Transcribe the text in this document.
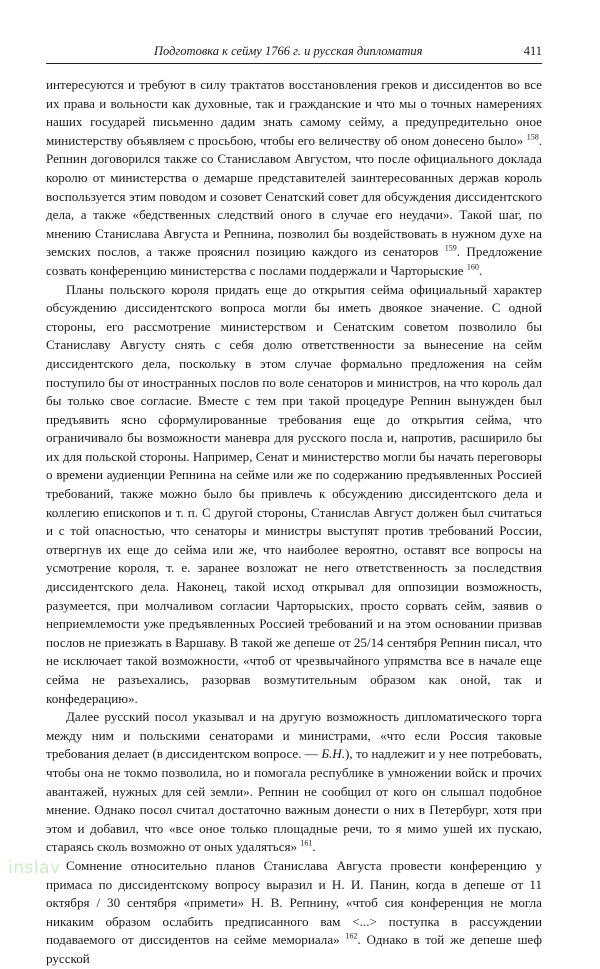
Подготовка к сейму 1766 г. и русская дипломатия	411

интересуются и требуют в силу трактатов восстановления греков и диссидентов во все их права и вольности как духовные, так и гражданские и что мы о точных намерениях наших государей письменно дадим знать самому сейму, а предупредительно оное министерству объявляем с просьбою, чтобы его величеству об оном донесено было» $^{158}$. Репнин договорился также со Станиславом Августом, что после официального доклада королю от министерства о демарше представителей заинтересованных держав король воспользуется этим поводом и созовет Сенатский совет для обсуждения диссидентского дела, а также «бедственных следствий оного в случае его неудачи». Такой шаг, по мнению Станислава Августа и Репнина, позволил бы воздействовать в нужном духе на земских послов, а также прояснил позицию каждого из сенаторов $^{159}$. Предложение созвать конференцию министерства с послами поддержали и Чарторыские $^{160}$.

Планы польского короля придать еще до открытия сейма официальный характер обсуждению диссидентского вопроса могли бы иметь двоякое значение. С одной стороны, его рассмотрение министерством и Сенатским советом позволило бы Станиславу Августу снять с себя долю ответственности за вынесение на сейм диссидентского дела, поскольку в этом случае формально предложения на сейм поступило бы от иностранных послов по воле сенаторов и министров, на что король дал бы только свое согласие. Вместе с тем при такой процедуре Репнин вынужден был предъявить ясно сформулированные требования еще до открытия сейма, что ограничивало бы возможности маневра для русского посла и, напротив, расширило бы их для польской стороны. Например, Сенат и министерство могли бы начать переговоры о времени аудиенции Репнина на сейме или же по содержанию предъявленных Россией требований, также можно было бы привлечь к обсуждению диссидентского дела и коллегию епископов и т. п. С другой стороны, Станислав Август должен был считаться и с той опасностью, что сенаторы и министры выступят против требований России, отвергнув их еще до сейма или же, что наиболее вероятно, оставят все вопросы на усмотрение короля, т. е. заранее возложат не него ответственность за последствия диссидентского дела. Наконец, такой исход открывал для оппозиции возможность, разумеется, при молчаливом согласии Чарторыских, просто сорвать сейм, заявив о неприемлемости уже предъявленных Россией требований и на этом основании призвав послов не приезжать в Варшаву. В такой же депеше от 25/14 сентября Репнин писал, что не исключает такой возможности, «чтоб от чрезвычайного упрямства все в начале еще сейма не разъехались, разорвав возмутительным образом как оной, так и конфедерацию».

Далее русский посол указывал и на другую возможность дипломатического торга между ним и польскими сенаторами и министрами, «что если Россия таковые требования делает (в диссидентском вопросе. — Б.Н.), то надлежит и у нее потребовать, чтобы она не токмо позволила, но и помогала республике в умножении войск и прочих авантажей, нужных для сей земли». Репнин не сообщил от кого он слышал подобное мнение. Однако посол считал достаточно важным донести о них в Петербург, хотя при этом и добавил, что «все оное только площадные речи, то я мимо ушей их пускаю, стараясь сколь возможно от оных удаляться» $^{161}$.

Сомнение относительно планов Станислава Августа провести конференцию у примаса по диссидентскому вопросу выразил и Н. И. Панин, когда в депеше от 11 октября / 30 сентября «примети» Н. В. Репнину, «чтоб сия конференция не могла никаким образом ослабить предписанного вам <...> поступка в рассуждении подаваемого от диссидентов на сейме мемориала» $^{162}$. Однако в той же депеше шеф русской

inslav
